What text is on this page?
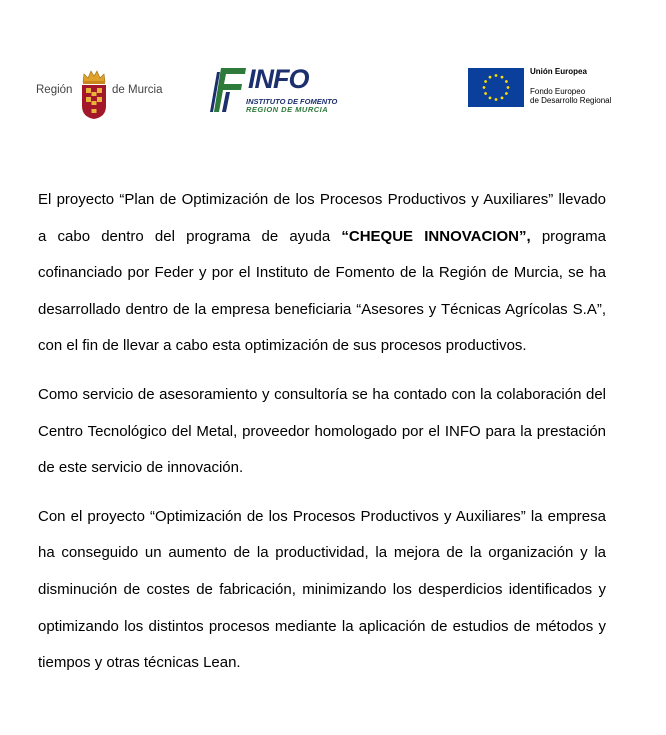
Región	de Murcia	INFO
INSTITUTO DE FOMENTO
REGION DE MURCIA
Unión Europea
Fondo Europeo
de Desarrollo Regional

El proyecto “Plan de Optimización de los Procesos Productivos y Auxiliares” llevado a cabo dentro del programa de ayuda “CHEQUE INNOVACION”, programa cofinanciado por Feder y por el Instituto de Fomento de la Región de Murcia, se ha desarrollado dentro de la empresa beneficiaria “Asesores y Técnicas Agrícolas S.A”, con el fin de llevar a cabo esta optimización de sus procesos productivos.

Como servicio de asesoramiento y consultoría se ha contado con la colaboración del Centro Tecnológico del Metal, proveedor homologado por el INFO para la prestación de este servicio de innovación.

Con el proyecto “Optimización de los Procesos Productivos y Auxiliares” la empresa ha conseguido un aumento de la productividad, la mejora de la organización y la disminución de costes de fabricación, minimizando los desperdicios identificados y optimizando los distintos procesos mediante la aplicación de estudios de métodos y tiempos y otras técnicas Lean.
